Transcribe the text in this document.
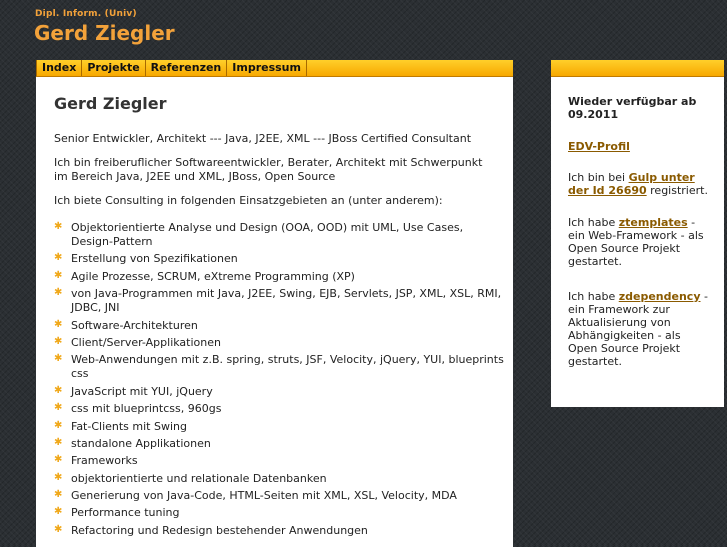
Dipl. Inform. (Univ)
Gerd Ziegler
Index	Projekte	Referenzen	Impressum
Gerd Ziegler

Senior Entwickler, Architekt --- Java, J2EE, XML --- JBoss Certified Consultant

Ich bin freiberuflicher Softwareentwickler, Berater, Architekt mit Schwerpunkt im Bereich Java, J2EE und XML, JBoss, Open Source

Ich biete Consulting in folgenden Einsatzgebieten an (unter anderem):

✱ Objektorientierte Analyse und Design (OOA, OOD) mit UML, Use Cases, Design-Pattern
✱ Erstellung von Spezifikationen
✱ Agile Prozesse, SCRUM, eXtreme Programming (XP)
✱ von Java-Programmen mit Java, J2EE, Swing, EJB, Servlets, JSP, XML, XSL, RMI, JDBC, JNI
✱ Software-Architekturen
✱ Client/Server-Applikationen
✱ Web-Anwendungen mit z.B. spring, struts, JSF, Velocity, jQuery, YUI, blueprints css
✱ JavaScript mit YUI, jQuery
✱ css mit blueprintcss, 960gs
✱ Fat-Clients mit Swing
✱ standalone Applikationen
✱ Frameworks
✱ objektorientierte und relationale Datenbanken
✱ Generierung von Java-Code, HTML-Seiten mit XML, XSL, Velocity, MDA
✱ Performance tuning
✱ Refactoring und Redesign bestehender Anwendungen

Wieder verfügbar ab 09.2011

EDV-Profil

Ich bin bei Gulp unter der Id 26690 registriert.

Ich habe ztemplates - ein Web-Framework - als Open Source Projekt gestartet.

Ich habe zdependency - ein Framework zur Aktualisierung von Abhängigkeiten - als Open Source Projekt gestartet.
